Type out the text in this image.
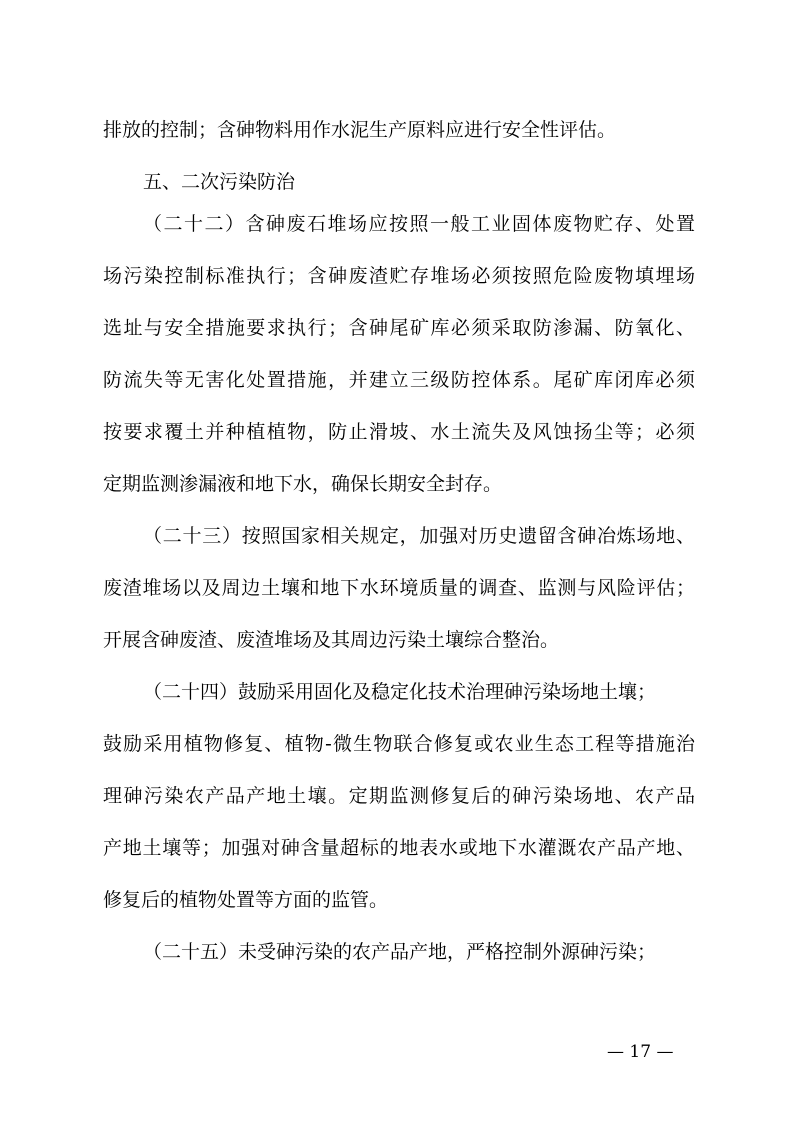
排放的控制；含砷物料用作水泥生产原料应进行安全性评估。
五、二次污染防治
（二十二）含砷废石堆场应按照一般工业固体废物贮存、处置
场污染控制标准执行；含砷废渣贮存堆场必须按照危险废物填埋场
选址与安全措施要求执行；含砷尾矿库必须采取防渗漏、防氧化、
防流失等无害化处置措施，并建立三级防控体系。尾矿库闭库必须
按要求覆土并种植植物，防止滑坡、水土流失及风蚀扬尘等；必须
定期监测渗漏液和地下水，确保长期安全封存。
（二十三）按照国家相关规定，加强对历史遗留含砷冶炼场地、
废渣堆场以及周边土壤和地下水环境质量的调查、监测与风险评估；
开展含砷废渣、废渣堆场及其周边污染土壤综合整治。
（二十四）鼓励采用固化及稳定化技术治理砷污染场地土壤；
鼓励采用植物修复、植物-微生物联合修复或农业生态工程等措施治
理砷污染农产品产地土壤。定期监测修复后的砷污染场地、农产品
产地土壤等；加强对砷含量超标的地表水或地下水灌溉农产品产地、
修复后的植物处置等方面的监管。
（二十五）未受砷污染的农产品产地，严格控制外源砷污染；
— 17 —
